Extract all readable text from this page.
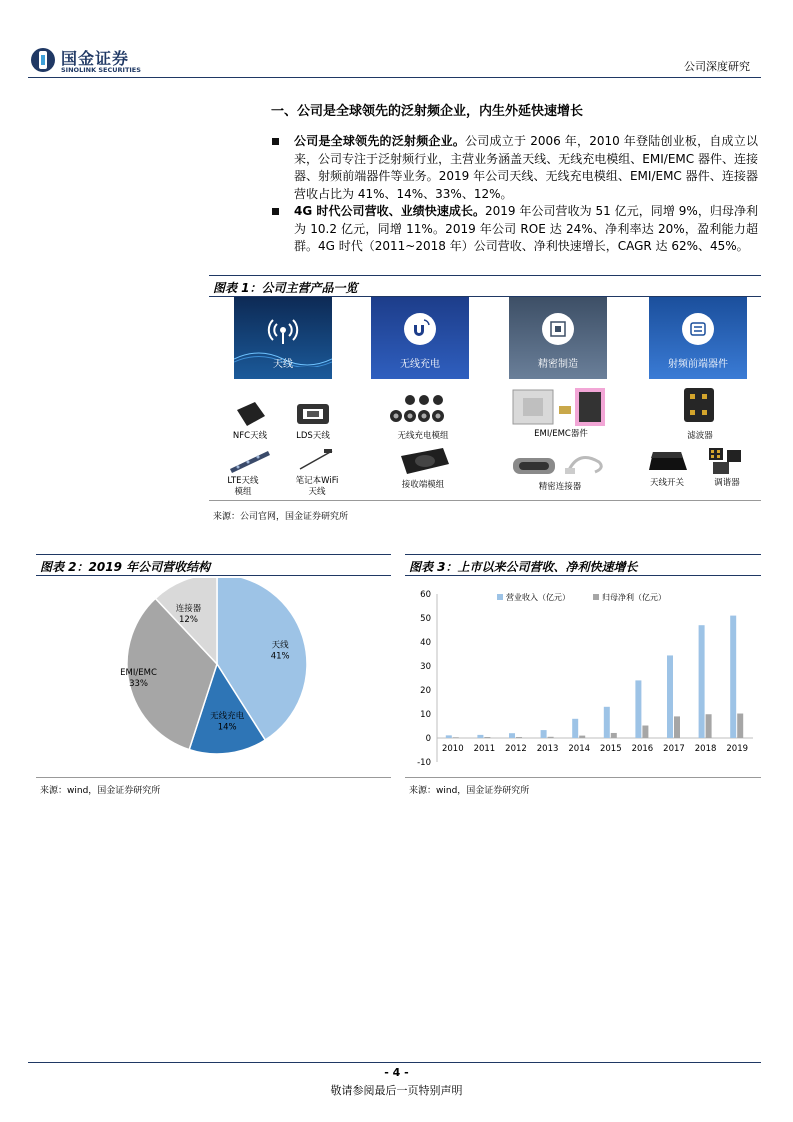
国金证券
SINOLINK SECURITIES	公司深度研究
一、公司是全球领先的泛射频企业，内生外延快速增长
公司是全球领先的泛射频企业。公司成立于 2006 年，2010 年登陆创业板，自成立以来，公司专注于泛射频行业，主营业务涵盖天线、无线充电模组、EMI/EMC 器件、连接器、射频前端器件等业务。2019 年公司天线、无线充电模组、EMI/EMC 器件、连接器营收占比为 41%、14%、33%、12%。
4G 时代公司营收、业绩快速成长。2019 年公司营收为 51 亿元，同增 9%，归母净利为 10.2 亿元，同增 11%。2019 年公司 ROE 达 24%、净利率达 20%，盈利能力超群。4G 时代（2011~2018 年）公司营收、净利快速增长，CAGR 达 62%、45%。
图表 1：公司主营产品一览
天线	无线充电	精密制造	射频前端器件
NFC天线	LDS天线	无线充电模组	EMI/EMC器件	滤波器
LTE天线模组
笔记本WiFi天线
接收端模组	精密连接器	天线开关	调谐器
来源：公司官网，国金证券研究所
图表 2：2019 年公司营收结构
天线
41%
无线充电
14%
EMI/EMC
33%
连接器
12%
来源：wind，国金证券研究所
图表 3：上市以来公司营收、净利快速增长
-10
0
10
20
30
40
50
60
2010 2011 2012 2013 2014 2015 2016 2017 2018 2019
营业收入（亿元）	归母净利（亿元）
来源：wind，国金证券研究所
- 4 -
敬请参阅最后一页特别声明
